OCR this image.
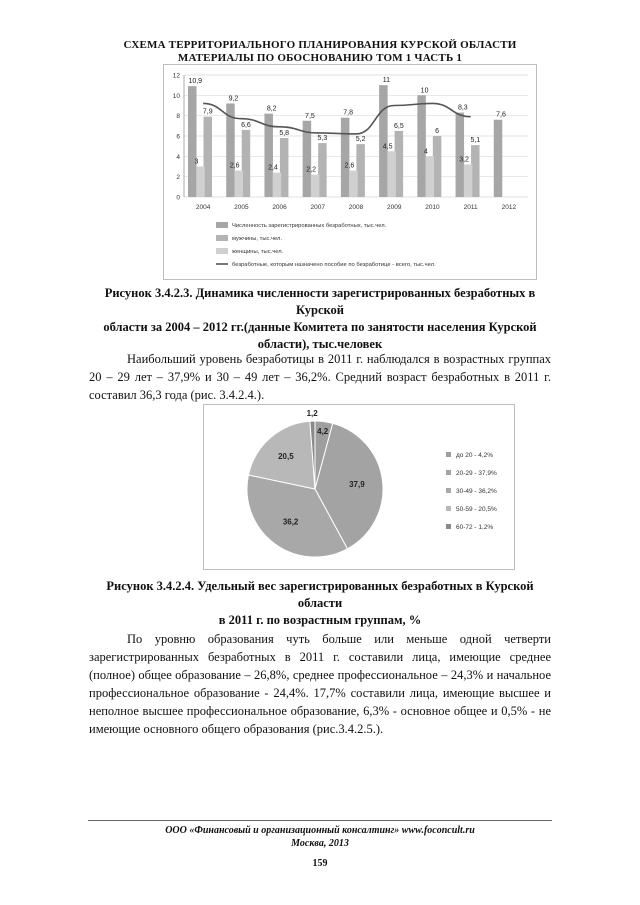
СХЕМА ТЕРРИТОРИАЛЬНОГО ПЛАНИРОВАНИЯ КУРСКОЙ ОБЛАСТИ
МАТЕРИАЛЫ ПО ОБОСНОВАНИЮ ТОМ 1 ЧАСТЬ 1
0
2
4
6
8
10
12
2004
10,9
7,9
3
2005
9,2
6,6
2,6
2006
8,2
5,8
2,4
2007
7,5
5,3
2,2
2008
7,8
5,2
2,6
2009
11
6,5
4,5
2010
10
6
4
2011
8,3
5,1
3,2
2012
7,6
Численность зарегистрированных безработных, тыс.чел.
мужчины, тыс.чел.
женщины, тыс.чел.
безработные, которым назначено пособие по безработице - всего, тыс.чел.
Рисунок 3.4.2.3. Динамика численности зарегистрированных безработных в Курской
области за 2004 – 2012 гг.(данные Комитета по занятости населения Курской
области), тыс.человек
Наибольший уровень безработицы в 2011 г. наблюдался в возрастных группах 20 – 29 лет – 37,9% и 30 – 49 лет – 36,2%. Средний возраст безработных в 2011 г. составил 36,3 года (рис. 3.4.2.4.).
4,2
37,9
36,2
20,5
1,2
до 20 - 4,2%
20-29 - 37,9%
30-49 - 36,2%
50-59 - 20,5%
60-72 - 1,2%
Рисунок 3.4.2.4. Удельный вес зарегистрированных безработных в Курской области
в 2011 г. по возрастным группам, %
По уровню образования чуть больше или меньше одной четверти зарегистрированных безработных в 2011 г. составили лица, имеющие среднее (полное) общее образование – 26,8%, среднее профессиональное – 24,3% и начальное профессиональное образование - 24,4%. 17,7% составили лица, имеющие высшее и неполное высшее профессиональное образование, 6,3% - основное общее и 0,5% - не имеющие основного общего образования (рис.3.4.2.5.).
ООО «Финансовый и организационный консалтинг» www.foconcult.ru
Москва, 2013
159
